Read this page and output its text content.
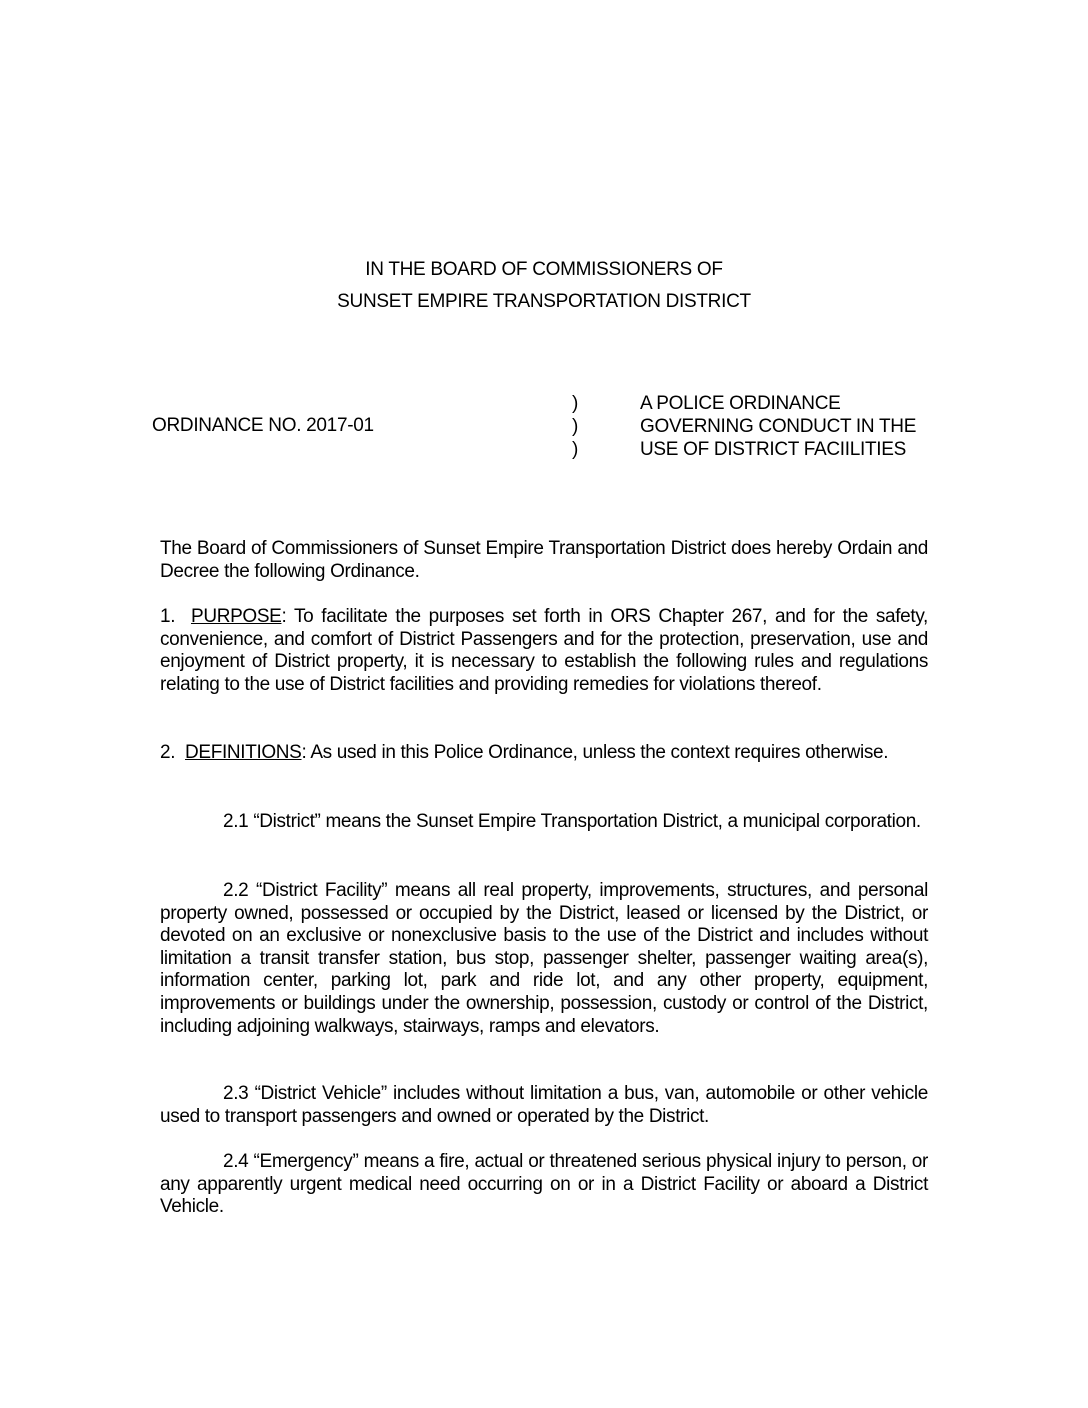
IN THE BOARD OF COMMISSIONERS OF
SUNSET EMPIRE TRANSPORTATION DISTRICT
ORDINANCE NO. 2017-01
)
)
)
A POLICE ORDINANCE
GOVERNING CONDUCT IN THE
USE OF DISTRICT FACIILITIES

The Board of Commissioners of Sunset Empire Transportation District does hereby Ordain and Decree the following Ordinance.

1. PURPOSE: To facilitate the purposes set forth in ORS Chapter 267, and for the safety, convenience, and comfort of District Passengers and for the protection, preservation, use and enjoyment of District property, it is necessary to establish the following rules and regulations relating to the use of District facilities and providing remedies for violations thereof.

2. DEFINITIONS: As used in this Police Ordinance, unless the context requires otherwise.

2.1 “District” means the Sunset Empire Transportation District, a municipal corporation.

2.2 “District Facility” means all real property, improvements, structures, and personal property owned, possessed or occupied by the District, leased or licensed by the District, or devoted on an exclusive or nonexclusive basis to the use of the District and includes without limitation a transit transfer station, bus stop, passenger shelter, passenger waiting area(s), information center, parking lot, park and ride lot, and any other property, equipment, improvements or buildings under the ownership, possession, custody or control of the District, including adjoining walkways, stairways, ramps and elevators.

2.3 “District Vehicle” includes without limitation a bus, van, automobile or other vehicle used to transport passengers and owned or operated by the District.

2.4 “Emergency” means a fire, actual or threatened serious physical injury to person, or any apparently urgent medical need occurring on or in a District Facility or aboard a District Vehicle.
